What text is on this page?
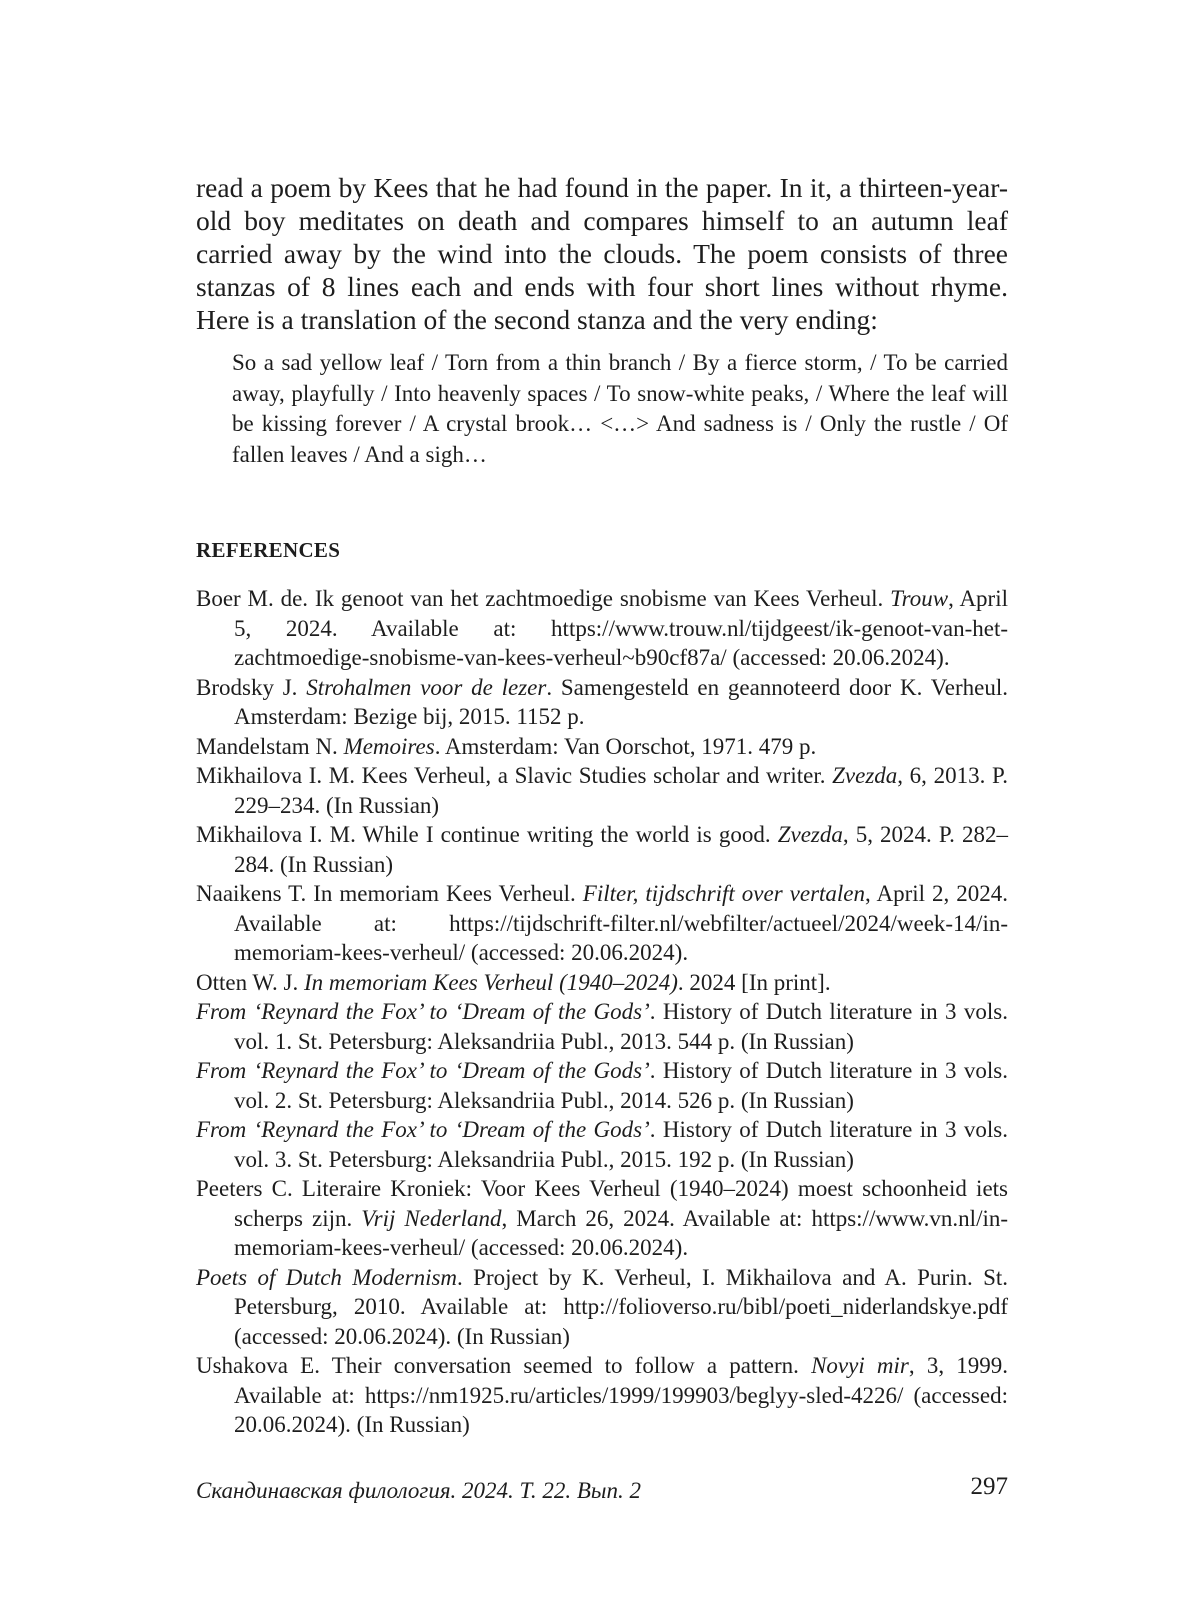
read a poem by Kees that he had found in the paper. In it, a thirteen-year-old boy meditates on death and compares himself to an autumn leaf carried away by the wind into the clouds. The poem consists of three stanzas of 8 lines each and ends with four short lines without rhyme. Here is a translation of the second stanza and the very ending:

So a sad yellow leaf / Torn from a thin branch / By a fierce storm, / To be carried away, playfully / Into heavenly spaces / To snow-white peaks, / Where the leaf will be kissing forever / A crystal brook… <…> And sadness is / Only the rustle / Of fallen leaves / And a sigh…

REFERENCES
Boer M. de. Ik genoot van het zachtmoedige snobisme van Kees Verheul. Trouw, April 5, 2024. Available at: https://www.trouw.nl/tijdgeest/ik-genoot-van-het-zachtmoedige-snobisme-van-kees-verheul~b90cf87a/ (accessed: 20.06.2024).
Brodsky J. Strohalmen voor de lezer. Samengesteld en geannoteerd door K. Verheul. Amsterdam: Bezige bij, 2015. 1152 p.
Mandelstam N. Memoires. Amsterdam: Van Oorschot, 1971. 479 p.
Mikhailova I. M. Kees Verheul, a Slavic Studies scholar and writer. Zvezda, 6, 2013. P. 229–234. (In Russian)
Mikhailova I. M. While I continue writing the world is good. Zvezda, 5, 2024. P. 282–284. (In Russian)
Naaikens T. In memoriam Kees Verheul. Filter, tijdschrift over vertalen, April 2, 2024. Available at: https://tijdschrift-filter.nl/webfilter/actueel/2024/week-14/in-memoriam-kees-verheul/ (accessed: 20.06.2024).
Otten W. J. In memoriam Kees Verheul (1940–2024). 2024 [In print].
From ‘Reynard the Fox’ to ‘Dream of the Gods’. History of Dutch literature in 3 vols. vol. 1. St. Petersburg: Aleksandriia Publ., 2013. 544 p. (In Russian)
From ‘Reynard the Fox’ to ‘Dream of the Gods’. History of Dutch literature in 3 vols. vol. 2. St. Petersburg: Aleksandriia Publ., 2014. 526 p. (In Russian)
From ‘Reynard the Fox’ to ‘Dream of the Gods’. History of Dutch literature in 3 vols. vol. 3. St. Petersburg: Aleksandriia Publ., 2015. 192 p. (In Russian)
Peeters C. Literaire Kroniek: Voor Kees Verheul (1940–2024) moest schoonheid iets scherps zijn. Vrij Nederland, March 26, 2024. Available at: https://www.vn.nl/in-memoriam-kees-verheul/ (accessed: 20.06.2024).
Poets of Dutch Modernism. Project by K. Verheul, I. Mikhailova and A. Purin. St. Petersburg, 2010. Available at: http://folioverso.ru/bibl/poeti_niderlandskye.pdf (accessed: 20.06.2024). (In Russian)
Ushakova E. Their conversation seemed to follow a pattern. Novyi mir, 3, 1999. Available at: https://nm1925.ru/articles/1999/199903/beglyy-sled-4226/ (accessed: 20.06.2024). (In Russian)
Скандинавская филология. 2024. Т. 22. Вып. 2	297
